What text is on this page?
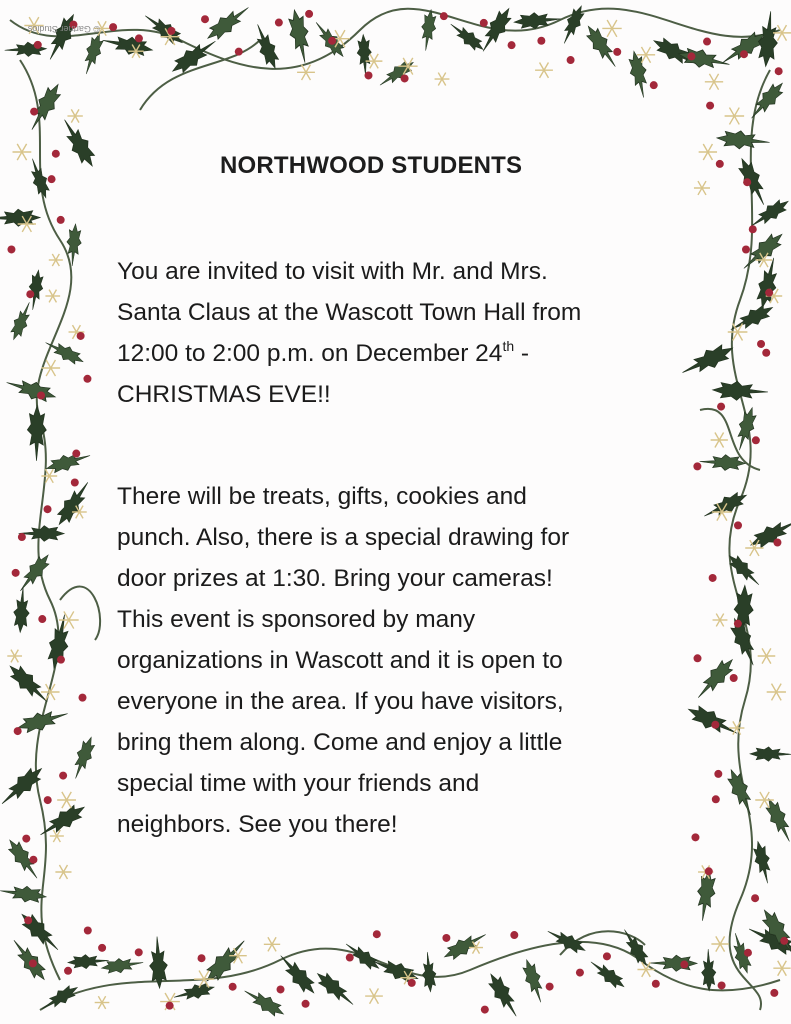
© Gartner Studios
NORTHWOOD STUDENTS
You are invited to visit with Mr. and Mrs.
Santa Claus at the Wascott Town Hall from
12:00 to 2:00 p.m. on December 24th -
CHRISTMAS EVE!!
There will be treats, gifts, cookies and
punch. Also, there is a special drawing for
door prizes at 1:30. Bring your cameras!
This event is sponsored by many
organizations in Wascott and it is open to
everyone in the area. If you have visitors,
bring them along. Come and enjoy a little
special time with your friends and
neighbors. See you there!
